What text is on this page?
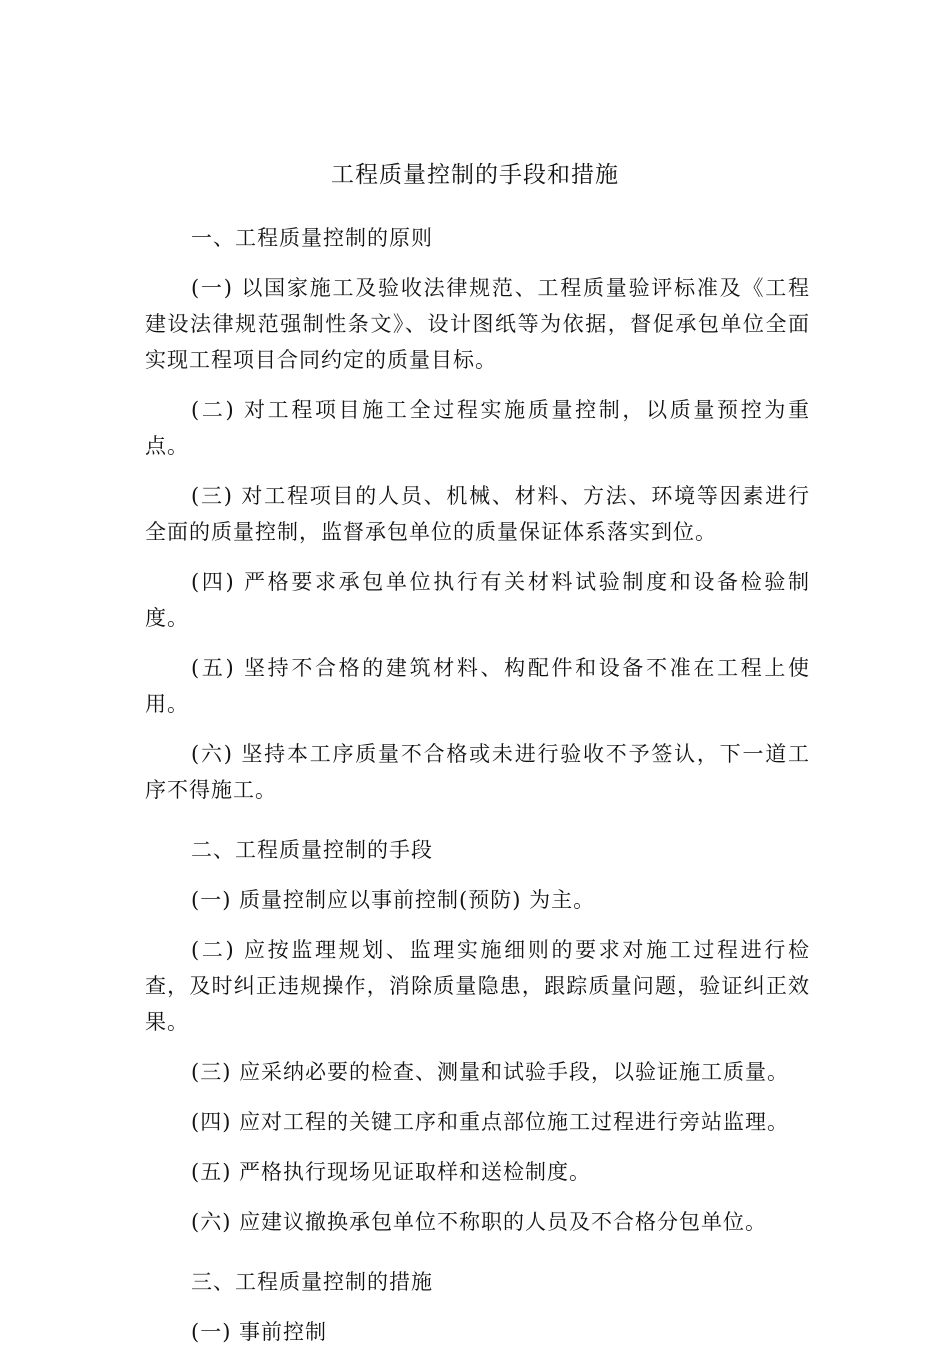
工程质量控制的手段和措施

一、工程质量控制的原则

(一) 以国家施工及验收法律规范、工程质量验评标准及《工程建设法律规范强制性条文》、设计图纸等为依据，督促承包单位全面实现工程项目合同约定的质量目标。

(二) 对工程项目施工全过程实施质量控制，以质量预控为重点。

(三) 对工程项目的人员、机械、材料、方法、环境等因素进行全面的质量控制，监督承包单位的质量保证体系落实到位。

(四) 严格要求承包单位执行有关材料试验制度和设备检验制度。

(五) 坚持不合格的建筑材料、构配件和设备不准在工程上使用。

(六) 坚持本工序质量不合格或未进行验收不予签认，下一道工序不得施工。

二、工程质量控制的手段

(一) 质量控制应以事前控制(预防) 为主。

(二) 应按监理规划、监理实施细则的要求对施工过程进行检查，及时纠正违规操作，消除质量隐患，跟踪质量问题，验证纠正效果。

(三) 应采纳必要的检查、测量和试验手段，以验证施工质量。

(四) 应对工程的关键工序和重点部位施工过程进行旁站监理。

(五) 严格执行现场见证取样和送检制度。

(六) 应建议撤换承包单位不称职的人员及不合格分包单位。

三、工程质量控制的措施

(一) 事前控制
